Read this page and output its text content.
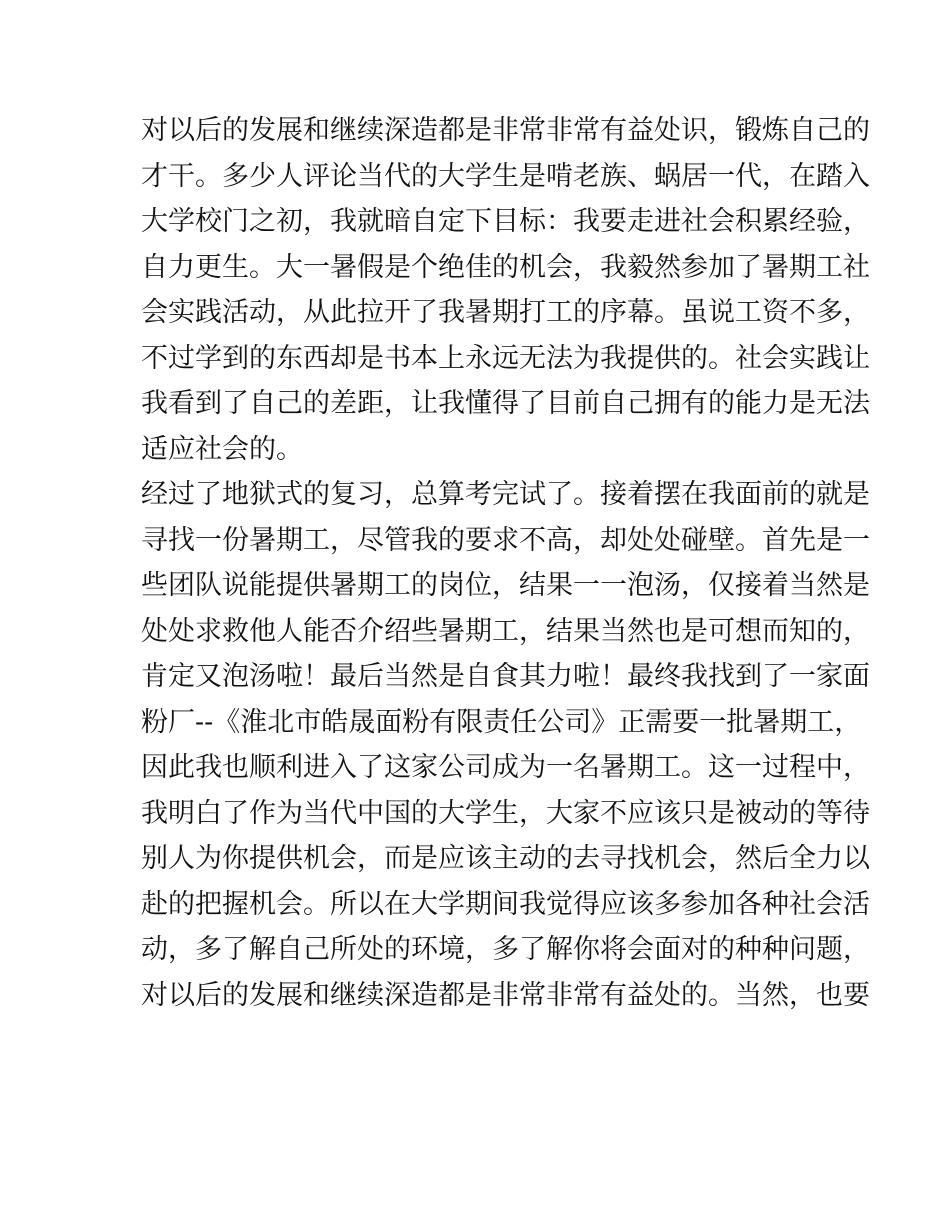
对以后的发展和继续深造都是非常非常有益处识，锻炼自己的
才干。多少人评论当代的大学生是啃老族、蜗居一代，在踏入
大学校门之初，我就暗自定下目标：我要走进社会积累经验，
自力更生。大一暑假是个绝佳的机会，我毅然参加了暑期工社
会实践活动，从此拉开了我暑期打工的序幕。虽说工资不多，
不过学到的东西却是书本上永远无法为我提供的。社会实践让
我看到了自己的差距，让我懂得了目前自己拥有的能力是无法
适应社会的。
经过了地狱式的复习，总算考完试了。接着摆在我面前的就是
寻找一份暑期工，尽管我的要求不高，却处处碰壁。首先是一
些团队说能提供暑期工的岗位，结果一一泡汤，仅接着当然是
处处求救他人能否介绍些暑期工，结果当然也是可想而知的，
肯定又泡汤啦！最后当然是自食其力啦！最终我找到了一家面
粉厂--《淮北市皓晟面粉有限责任公司》正需要一批暑期工，
因此我也顺利进入了这家公司成为一名暑期工。这一过程中，
我明白了作为当代中国的大学生，大家不应该只是被动的等待
别人为你提供机会，而是应该主动的去寻找机会，然后全力以
赴的把握机会。所以在大学期间我觉得应该多参加各种社会活
动，多了解自己所处的环境，多了解你将会面对的种种问题，
对以后的发展和继续深造都是非常非常有益处的。当然，也要
